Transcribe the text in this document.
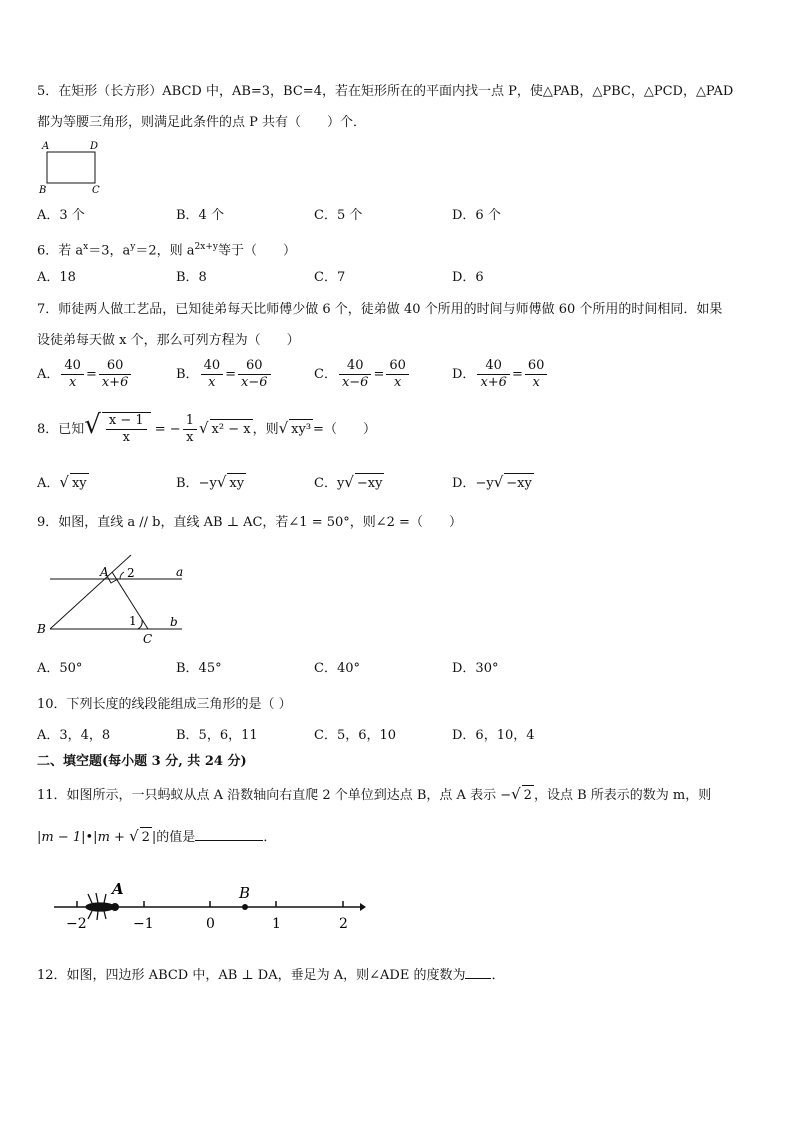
5．在矩形（长方形）ABCD 中，AB=3，BC=4，若在矩形所在的平面内找一点 P，使△PAB，△PBC，△PCD，△PAD
都为等腰三角形，则满足此条件的点 P 共有（　　）个．
A	D
B	C
A．3 个	B．4 个	C．5 个	D．6 个
6．若 $a^x=3$，$a^y=2$，则 $a^{2x+y}$等于（　　）
A．18	B．8	C．7	D．6
7．师徒两人做工艺品，已知徒弟每天比师傅少做 6 个，徒弟做 40 个所用的时间与师傅做 60 个所用的时间相同．如果
设徒弟每天做 x 个，那么可列方程为（　　）
A． $\frac{40}{x} = \frac{60}{x+6}$	B． $\frac{40}{x} = \frac{60}{x-6}$	C． $\frac{40}{x-6} = \frac{60}{x}$	D． $\frac{40}{x+6} = \frac{60}{x}$
8．已知√ $\frac{x - 1}{x}$ = − $\frac{1}{x}$ √ x² − x ，则√ xy³ =（　　）
A．√ xy	B．−y√ xy	C．y√ −xy	D．−y√ −xy
9．如图，直线 a // b，直线 AB ⊥ AC，若∠1 = 50°，则∠2 =（　　）
A	a
2
B
1
C
b
A．50°	B．45°	C．40°	D．30°
10．下列长度的线段能组成三角形的是（ ）
A．3，4，8	B．5，6，11	C．5，6，10	D．6，10，4
二、填空题(每小题 3 分, 共 24 分)
11．如图所示，一只蚂蚁从点 A 沿数轴向右直爬 2 个单位到达点 B，点 A 表示 −√ 2 ，设点 B 所表示的数为 m，则
|m − 1|•|m + √ 2 |的值是	．
A	B
−2	−1	0	1	2
12．如图，四边形 ABCD 中，AB ⊥ DA，垂足为 A，则∠ADE 的度数为 ．
